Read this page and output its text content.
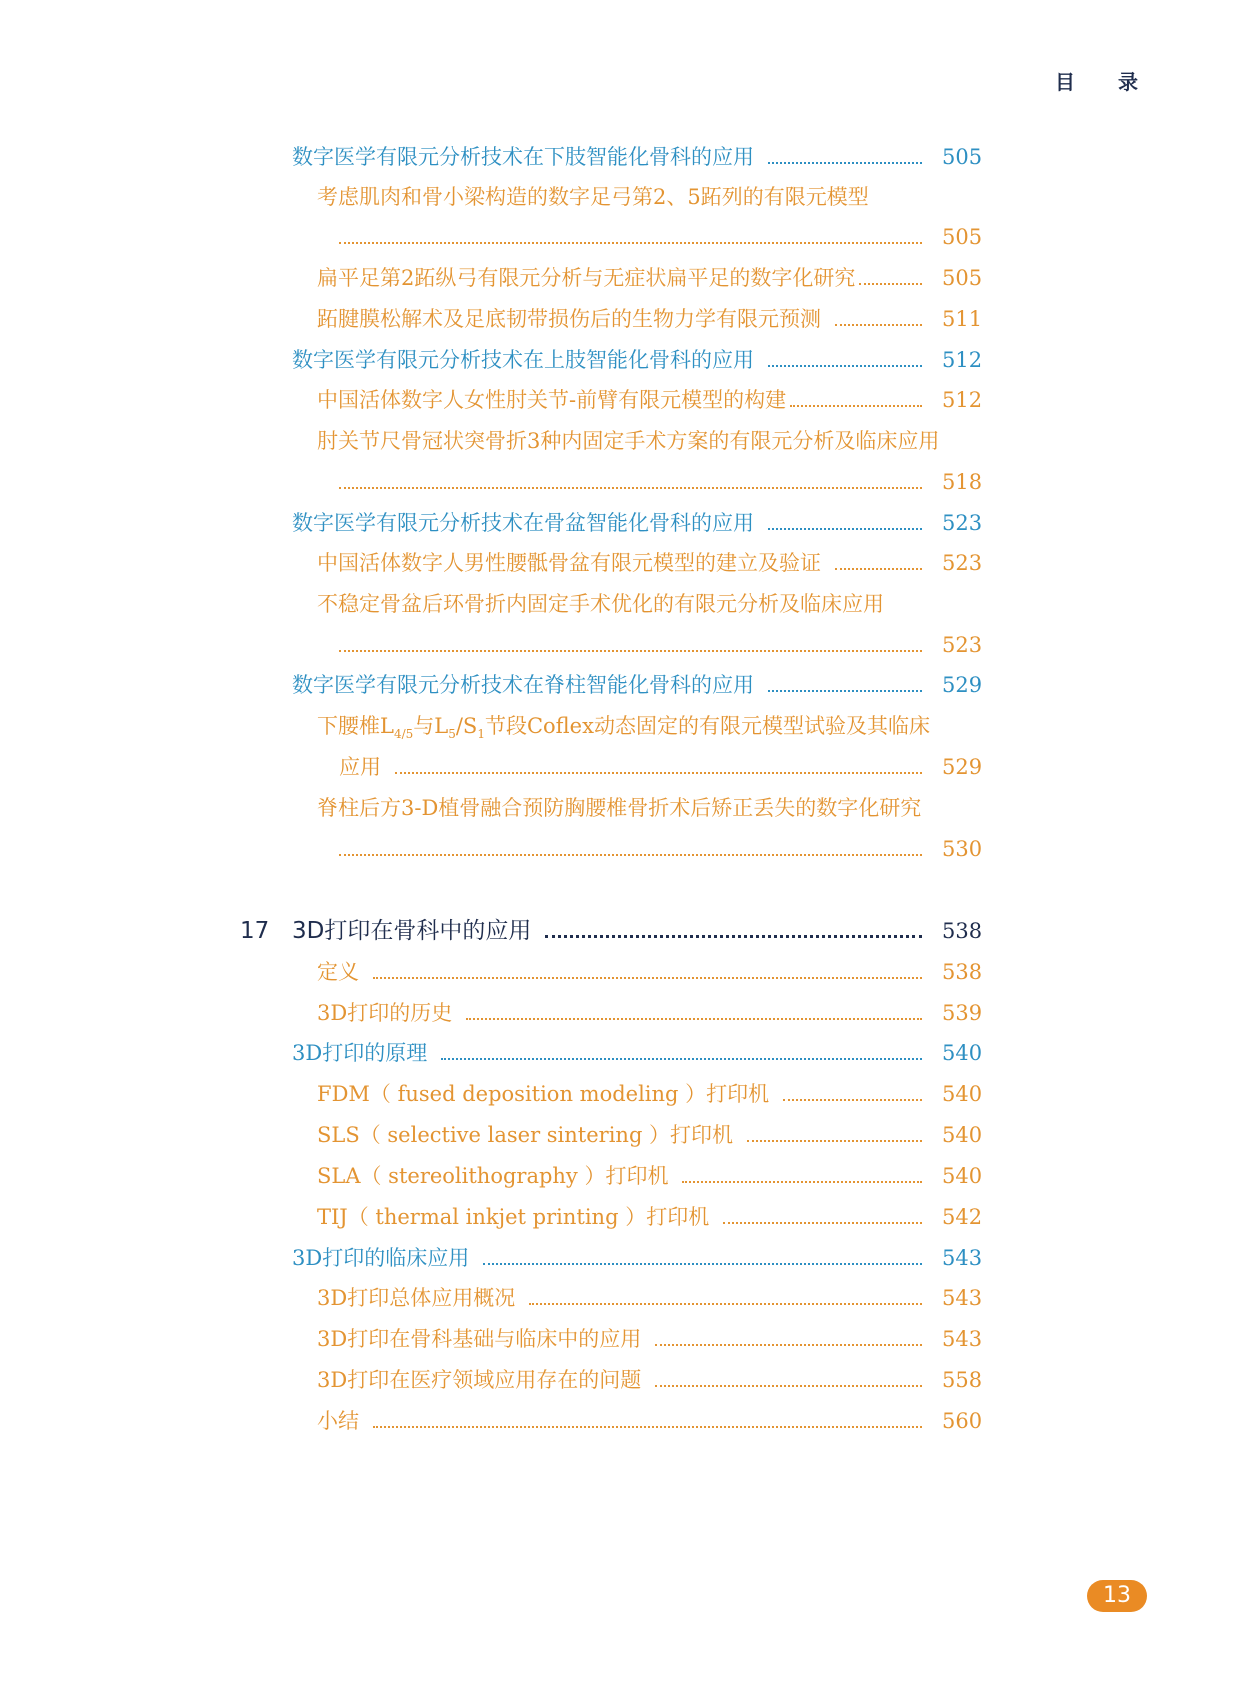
目 录
数字医学有限元分析技术在下肢智能化骨科的应用	505
考虑肌肉和骨小梁构造的数字足弓第2、5跖列的有限元模型
505
扁平足第2跖纵弓有限元分析与无症状扁平足的数字化研究	505
跖腱膜松解术及足底韧带损伤后的生物力学有限元预测	511
数字医学有限元分析技术在上肢智能化骨科的应用	512
中国活体数字人女性肘关节-前臂有限元模型的构建	512
肘关节尺骨冠状突骨折3种内固定手术方案的有限元分析及临床应用
518
数字医学有限元分析技术在骨盆智能化骨科的应用	523
中国活体数字人男性腰骶骨盆有限元模型的建立及验证	523
不稳定骨盆后环骨折内固定手术优化的有限元分析及临床应用
523
数字医学有限元分析技术在脊柱智能化骨科的应用	529
下腰椎$L_{4/5}$与$L_5/S_1$节段Coflex动态固定的有限元模型试验及其临床
应用	529
脊柱后方3-D植骨融合预防胸腰椎骨折术后矫正丢失的数字化研究
530
17 3D打印在骨科中的应用	538
定义	538
3D打印的历史	539
3D打印的原理	540
FDM（ fused deposition modeling ）打印机	540
SLS（ selective laser sintering ）打印机	540
SLA（ stereolithography ）打印机	540
TIJ（ thermal inkjet printing ）打印机	542
3D打印的临床应用	543
3D打印总体应用概况	543
3D打印在骨科基础与临床中的应用	543
3D打印在医疗领域应用存在的问题	558
小结	560
13
